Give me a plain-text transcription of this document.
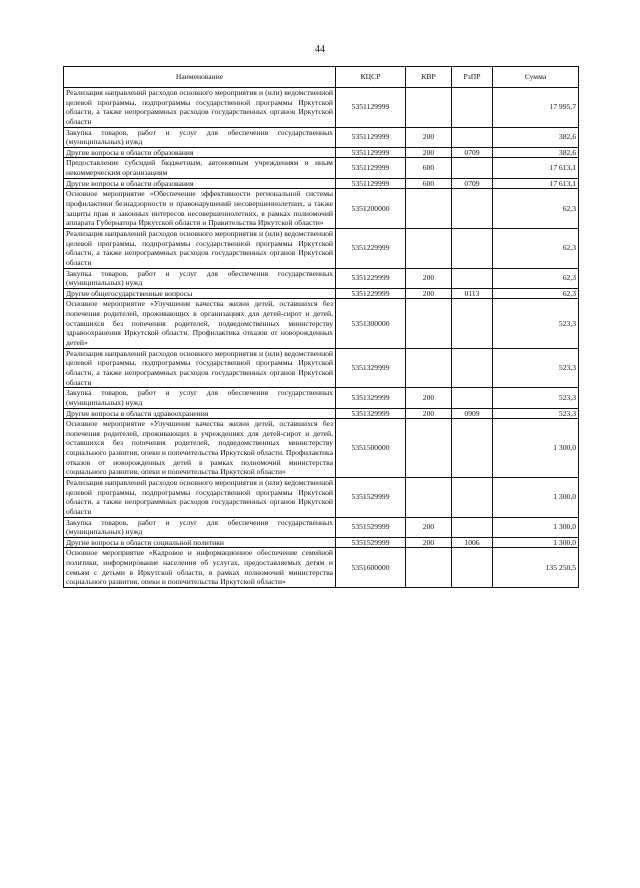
44
Наименование	КЦСР	КВР	РзПР	Сумма
Реализация направлений расходов основного мероприятия и (или) ведомственной целевой программы, подпрограммы государственной программы Иркутской области, а также непрограммных расходов государственных органов Иркутской области	5351129999			17 995,7
Закупка товаров, работ и услуг для обеспечения государственных (муниципальных) нужд	5351129999	200		382,6
Другие вопросы в области образования	5351129999	200	0709	382,6
Предоставление субсидий бюджетным, автономным учреждениям и иным некоммерческим организациям	5351129999	600		17 613,1
Другие вопросы в области образования	5351129999	600	0709	17 613,1
Основное мероприятие «Обеспечение эффективности региональной системы профилактики безнадзорности и правонарушений несовершеннолетних, а также защиты прав и законных интересов несовершеннолетних, в рамках полномочий аппарата Губернатора Иркутской области и Правительства Иркутской области»	5351200000			62,3
Реализация направлений расходов основного мероприятия и (или) ведомственной целевой программы, подпрограммы государственной программы Иркутской области, а также непрограммных расходов государственных органов Иркутской области	5351229999			62,3
Закупка товаров, работ и услуг для обеспечения государственных (муниципальных) нужд	5351229999	200		62,3
Другие общегосударственные вопросы	5351229999	200	0113	62,3
Основное мероприятие «Улучшение качества жизни детей, оставшихся без попечения родителей, проживающих в организациях для детей-сирот и детей, оставшихся без попечения родителей, подведомственных министерству здравоохранения Иркутской области. Профилактика отказов от новорожденных детей»	5351300000			523,3
Реализация направлений расходов основного мероприятия и (или) ведомственной целевой программы, подпрограммы государственной программы Иркутской области, а также непрограммных расходов государственных органов Иркутской области	5351329999			523,3
Закупка товаров, работ и услуг для обеспечения государственных (муниципальных) нужд	5351329999	200		523,3
Другие вопросы в области здравоохранения	5351329999	200	0909	523,3
Основное мероприятие «Улучшение качества жизни детей, оставшихся без попечения родителей, проживающих в учреждениях для детей-сирот и детей, оставшихся без попечения родителей, подведомственных министерству социального развития, опеки и попечительства Иркутской области. Профилактика отказов от новорожденных детей в рамках полномочий министерства социального развития, опеки и попечительства Иркутской области»	5351500000			1 300,0
Реализация направлений расходов основного мероприятия и (или) ведомственной целевой программы, подпрограммы государственной программы Иркутской области, а также непрограммных расходов государственных органов Иркутской области	5351529999			1 300,0
Закупка товаров, работ и услуг для обеспечения государственных (муниципальных) нужд	5351529999	200		1 300,0
Другие вопросы в области социальной политики	5351529999	200	1006	1 300,0
Основное мероприятие «Кадровое и информационное обеспечение семейной политики, информирование населения об услугах, предоставляемых детям и семьям с детьми в Иркутской области, в рамках полномочий министерства социального развития, опеки и попечительства Иркутской области»	5351600000			135 250,5
